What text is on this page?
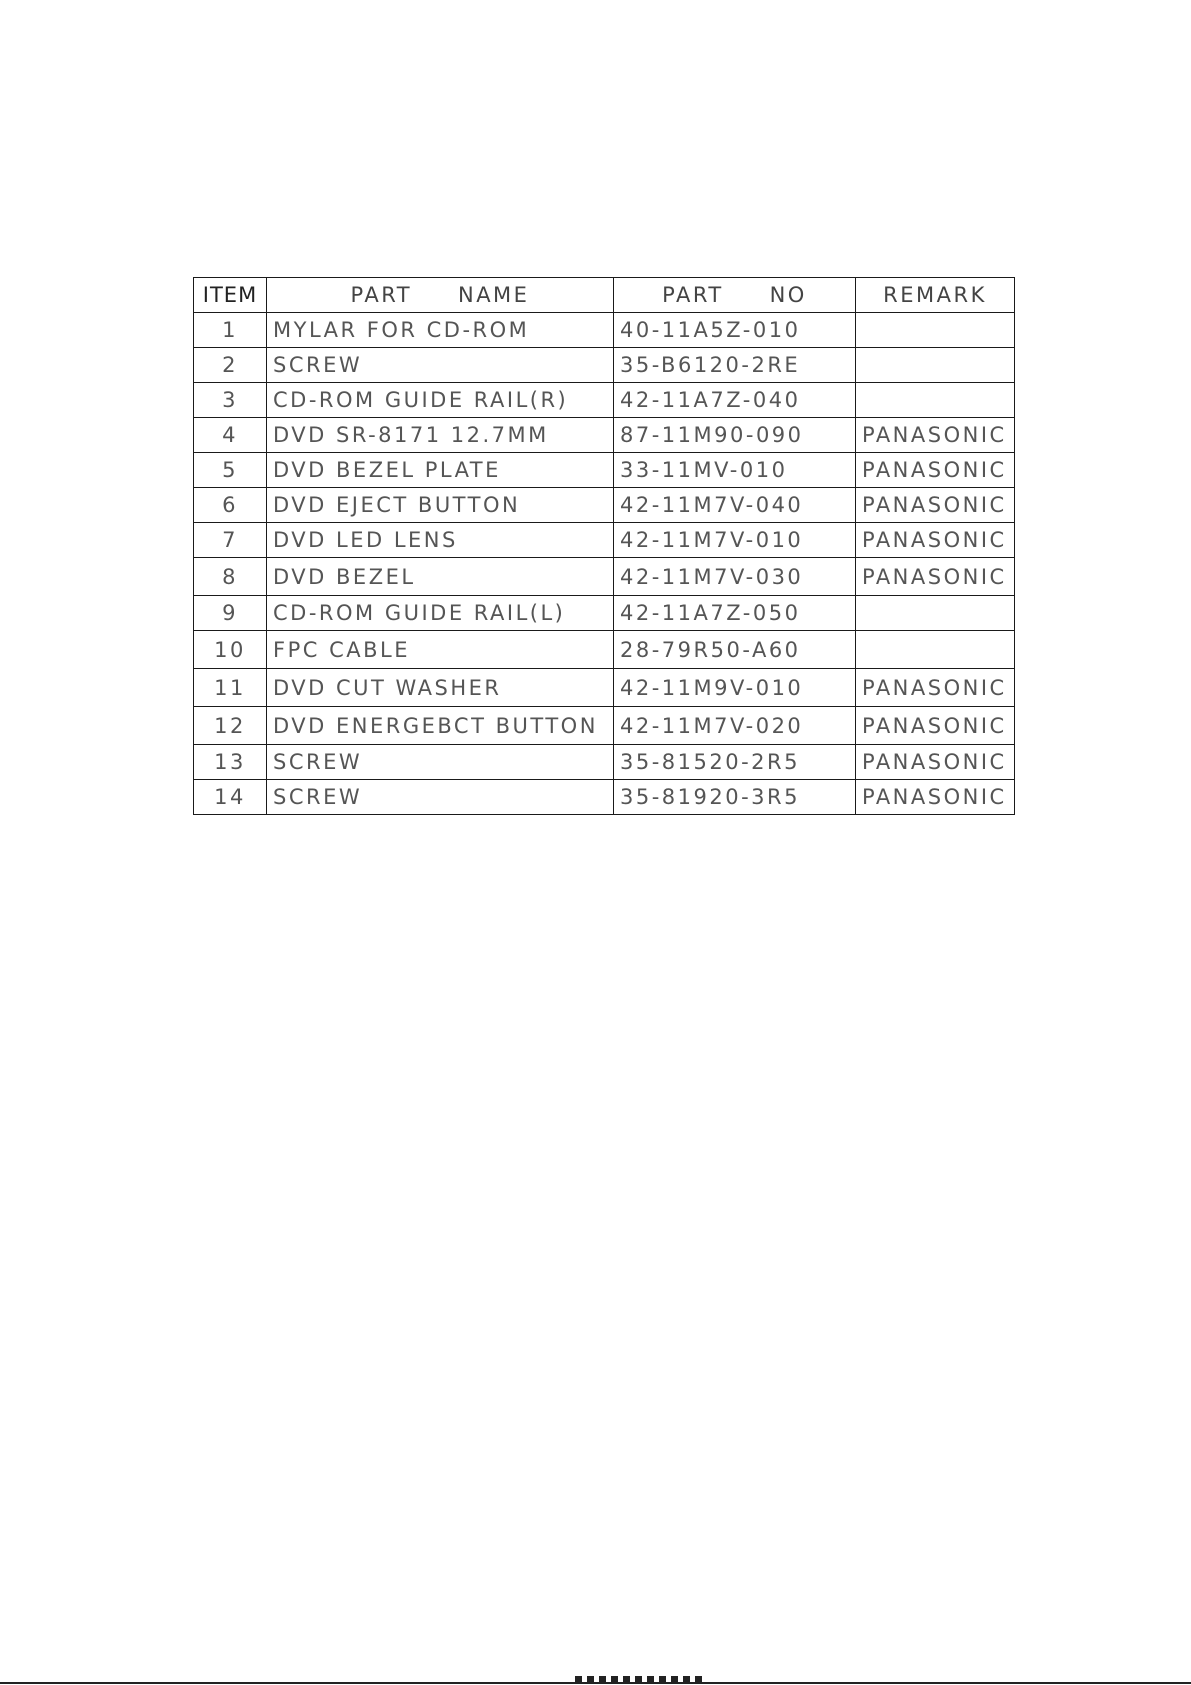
ITEM	PART     NAME	PART     NO	REMARK
1	MYLAR FOR CD-ROM	40-11A5Z-010	
2	SCREW	35-B6120-2RE	
3	CD-ROM GUIDE RAIL(R)	42-11A7Z-040	
4	DVD SR-8171 12.7MM	87-11M90-090	PANASONIC
5	DVD BEZEL PLATE	33-11MV-010	PANASONIC
6	DVD EJECT BUTTON	42-11M7V-040	PANASONIC
7	DVD LED LENS	42-11M7V-010	PANASONIC
8	DVD BEZEL	42-11M7V-030	PANASONIC
9	CD-ROM GUIDE RAIL(L)	42-11A7Z-050	
10	FPC CABLE	28-79R50-A60	
11	DVD CUT WASHER	42-11M9V-010	PANASONIC
12	DVD ENERGEBCT BUTTON	42-11M7V-020	PANASONIC
13	SCREW	35-81520-2R5	PANASONIC
14	SCREW	35-81920-3R5	PANASONIC
